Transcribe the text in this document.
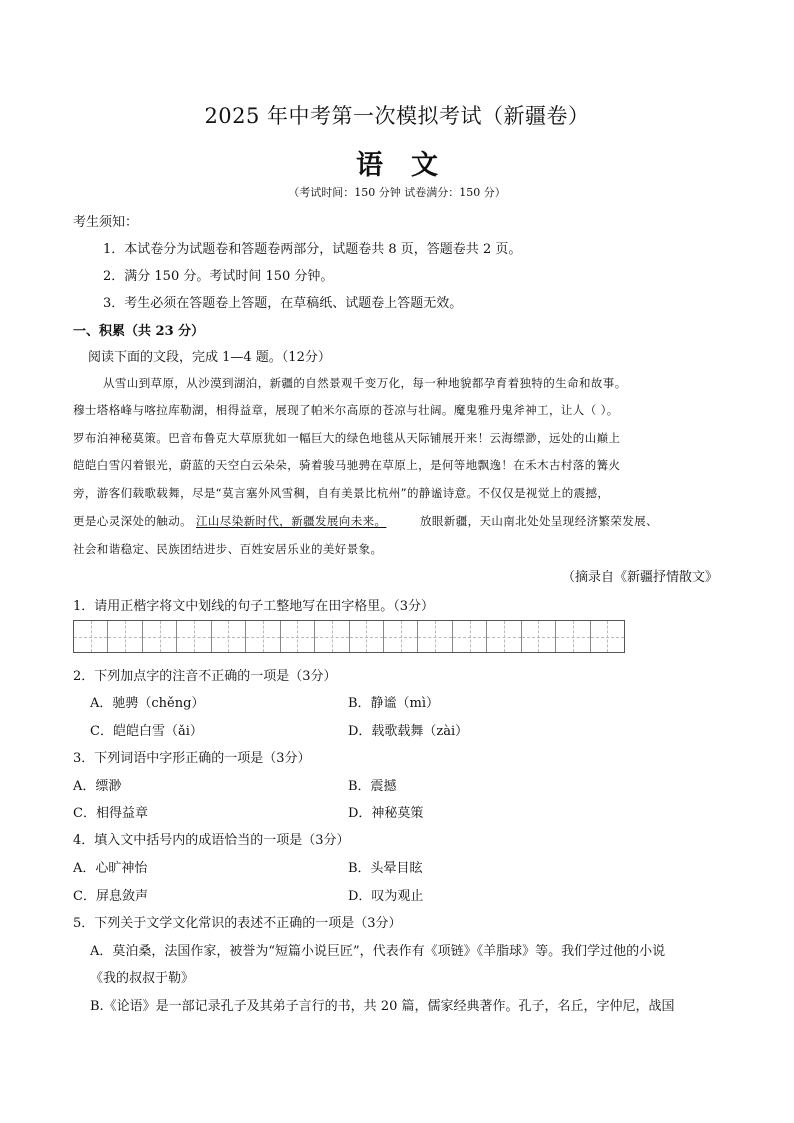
2025 年中考第一次模拟考试（新疆卷）
语文
（考试时间：150 分钟 试卷满分：150 分）
考生须知：
1．本试卷分为试题卷和答题卷两部分，试题卷共 8 页，答题卷共 2 页。
2．满分 150 分。考试时间 150 分钟。
3．考生必须在答题卷上答题，在草稿纸、试题卷上答题无效。
一、积累（共 23 分）
阅读下面的文段，完成 1—4 题。（12分）
从雪山到草原，从沙漠到湖泊，新疆的自然景观千变万化，每一种地貌都孕育着独特的生命和故事。
穆士塔格峰与喀拉库勒湖，相得益章，展现了帕米尔高原的苍凉与壮阔。魔鬼雅丹鬼斧神工，让人（ ）。
罗布泊神秘莫策。巴音布鲁克大草原犹如一幅巨大的绿色地毯从天际铺展开来！云海缥渺，远处的山巅上
皑皑白雪闪着银光，蔚蓝的天空白云朵朵，骑着骏马驰骋在草原上，是何等地飘逸！在禾木古村落的篝火
旁，游客们载歌载舞，尽是“莫言塞外风雪稠，自有美景比杭州”的静谧诗意。不仅仅是视觉上的震撼，
更是心灵深处的触动。 江山尽染新时代，新疆发展向未来。	放眼新疆，天山南北处处呈现经济繁荣发展、
社会和谐稳定、民族团结进步、百姓安居乐业的美好景象。
（摘录自《新疆抒情散文》
1．请用正楷字将文中划线的句子工整地写在田字格里。（3分）
2．下列加点字的注音不正确的一项是（3分）
A．驰骋（chěng）	B．静谧（mì）
C．皑皑白雪（ǎi）	D．载歌载舞（zài）
3．下列词语中字形正确的一项是（3分）
A．缥渺	B．震撼
C．相得益章	D．神秘莫策
4．填入文中括号内的成语恰当的一项是（3分）
A．心旷神怡	B．头晕目眩
C．屏息敛声	D．叹为观止
5．下列关于文学文化常识的表述不正确的一项是（3分）
A．莫泊桑，法国作家，被誉为“短篇小说巨匠”，代表作有《项链》《羊脂球》等。我们学过他的小说
《我的叔叔于勒》
B.《论语》是一部记录孔子及其弟子言行的书，共 20 篇，儒家经典著作。孔子，名丘，字仲尼，战国
